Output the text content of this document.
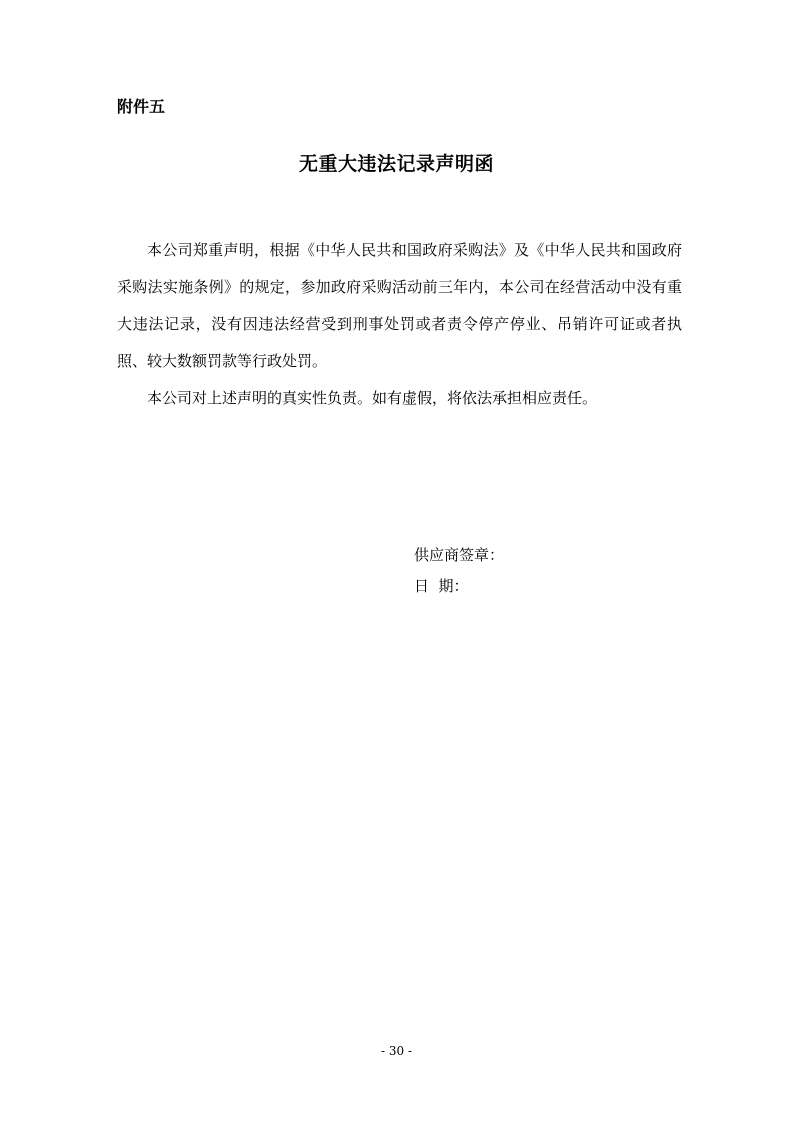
附件五
无重大违法记录声明函

本公司郑重声明，根据《中华人民共和国政府采购法》及《中华人民共和国政府采购法实施条例》的规定，参加政府采购活动前三年内，本公司在经营活动中没有重大违法记录，没有因违法经营受到刑事处罚或者责令停产停业、吊销许可证或者执照、较大数额罚款等行政处罚。

本公司对上述声明的真实性负责。如有虚假，将依法承担相应责任。

供应商签章：
日  期：
- 30 -
